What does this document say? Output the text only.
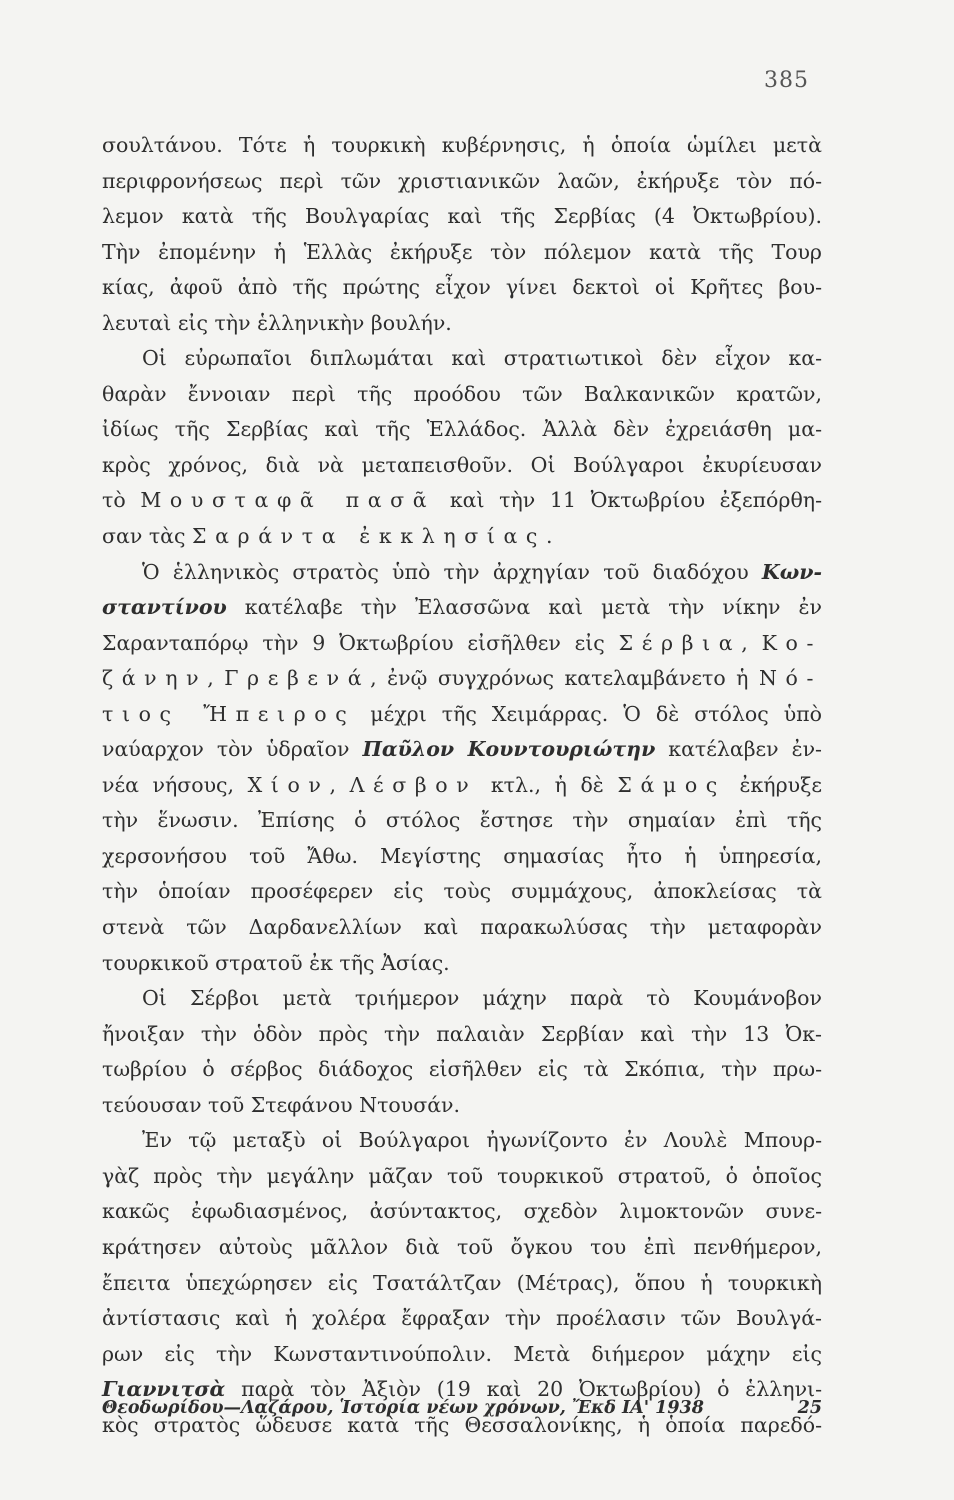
385
σουλτάνου. Τότε ἡ τουρκικὴ κυβέρνησις, ἡ ὁποία ὡμίλει μετὰ
περιφρονήσεως περὶ τῶν χριστιανικῶν λαῶν, ἐκήρυξε τὸν πό-
λεμον κατὰ τῆς Βουλγαρίας καὶ τῆς Σερβίας (4 Ὀκτωβρίου).
Τὴν ἐπομένην ἡ Ἑλλὰς ἐκήρυξε τὸν πόλεμον κατὰ τῆς Τουρ
κίας, ἀφοῦ ἀπὸ τῆς πρώτης εἶχον γίνει δεκτοὶ οἱ Κρῆτες βου-
λευταὶ εἰς τὴν ἑλληνικὴν βουλήν.
Οἱ εὐρωπαῖοι διπλωμάται καὶ στρατιωτικοὶ δὲν εἶχον κα-
θαρὰν ἔννοιαν περὶ τῆς προόδου τῶν Βαλκανικῶν κρατῶν,
ἰδίως τῆς Σερβίας καὶ τῆς Ἑλλάδος. Ἀλλὰ δὲν ἐχρειάσθη μα-
κρὸς χρόνος, διὰ νὰ μεταπεισθοῦν. Οἱ Βούλγαροι ἐκυρίευσαν
τὸ Μουσταφᾶ πασᾶ καὶ τὴν 11 Ὀκτωβρίου ἐξεπόρθη-
σαν τὰς Σαράντα ἐκκλησίας.
Ὁ ἑλληνικὸς στρατὸς ὑπὸ τὴν ἀρχηγίαν τοῦ διαδόχου Κων-
σταντίνου κατέλαβε τὴν Ἐλασσῶνα καὶ μετὰ τὴν νίκην ἐν
Σαρανταπόρῳ τὴν 9 Ὀκτωβρίου εἰσῆλθεν εἰς Σέρβια, Κο-
ζάνην, Γρεβενά, ἐνῷ συγχρόνως κατελαμβάνετο ἡ Νό-
τιος Ἤπειρος μέχρι τῆς Χειμάρρας. Ὁ δὲ στόλος ὑπὸ
ναύαρχον τὸν ὑδραῖον Παῦλον Κουντουριώτην κατέλαβεν ἐν-
νέα νήσους, Χίον, Λέσβον κτλ., ἡ δὲ Σάμος ἐκήρυξε
τὴν ἕνωσιν. Ἐπίσης ὁ στόλος ἔστησε τὴν σημαίαν ἐπὶ τῆς
χερσονήσου τοῦ Ἄθω. Μεγίστης σημασίας ἦτο ἡ ὑπηρεσία,
τὴν ὁποίαν προσέφερεν εἰς τοὺς συμμάχους, ἀποκλείσας τὰ
στενὰ τῶν Δαρδανελλίων καὶ παρακωλύσας τὴν μεταφορὰν
τουρκικοῦ στρατοῦ ἐκ τῆς Ἀσίας.
Οἱ Σέρβοι μετὰ τριήμερον μάχην παρὰ τὸ Κουμάνοβον
ἤνοιξαν τὴν ὁδὸν πρὸς τὴν παλαιὰν Σερβίαν καὶ τὴν 13 Ὀκ-
τωβρίου ὁ σέρβος διάδοχος εἰσῆλθεν εἰς τὰ Σκόπια, τὴν πρω-
τεύουσαν τοῦ Στεφάνου Ντουσάν.
Ἐν τῷ μεταξὺ οἱ Βούλγαροι ἠγωνίζοντο ἐν Λουλὲ Μπουρ-
γὰζ πρὸς τὴν μεγάλην μᾶζαν τοῦ τουρκικοῦ στρατοῦ, ὁ ὁποῖος
κακῶς ἐφωδιασμένος, ἀσύντακτος, σχεδὸν λιμοκτονῶν συνε-
κράτησεν αὐτοὺς μᾶλλον διὰ τοῦ ὄγκου του ἐπὶ πενθήμερον,
ἔπειτα ὑπεχώρησεν εἰς Τσατάλτζαν (Μέτρας), ὅπου ἡ τουρκικὴ
ἀντίστασις καὶ ἡ χολέρα ἔφραξαν τὴν προέλασιν τῶν Βουλγά-
ρων εἰς τὴν Κωνσταντινούπολιν. Μετὰ διήμερον μάχην εἰς
Γιαννιτσὰ παρὰ τὸν Ἀξιὸν (19 καὶ 20 Ὀκτωβρίου) ὁ ἑλληνι-
κὸς στρατὸς ὥδευσε κατὰ τῆς Θεσσαλονίκης, ἡ ὁποία παρεδό-
Θεοδωρίδου—Λαζάρου, Ἱστορία νέων χρόνων, Ἔκδ ΙΑ' 1938	25
